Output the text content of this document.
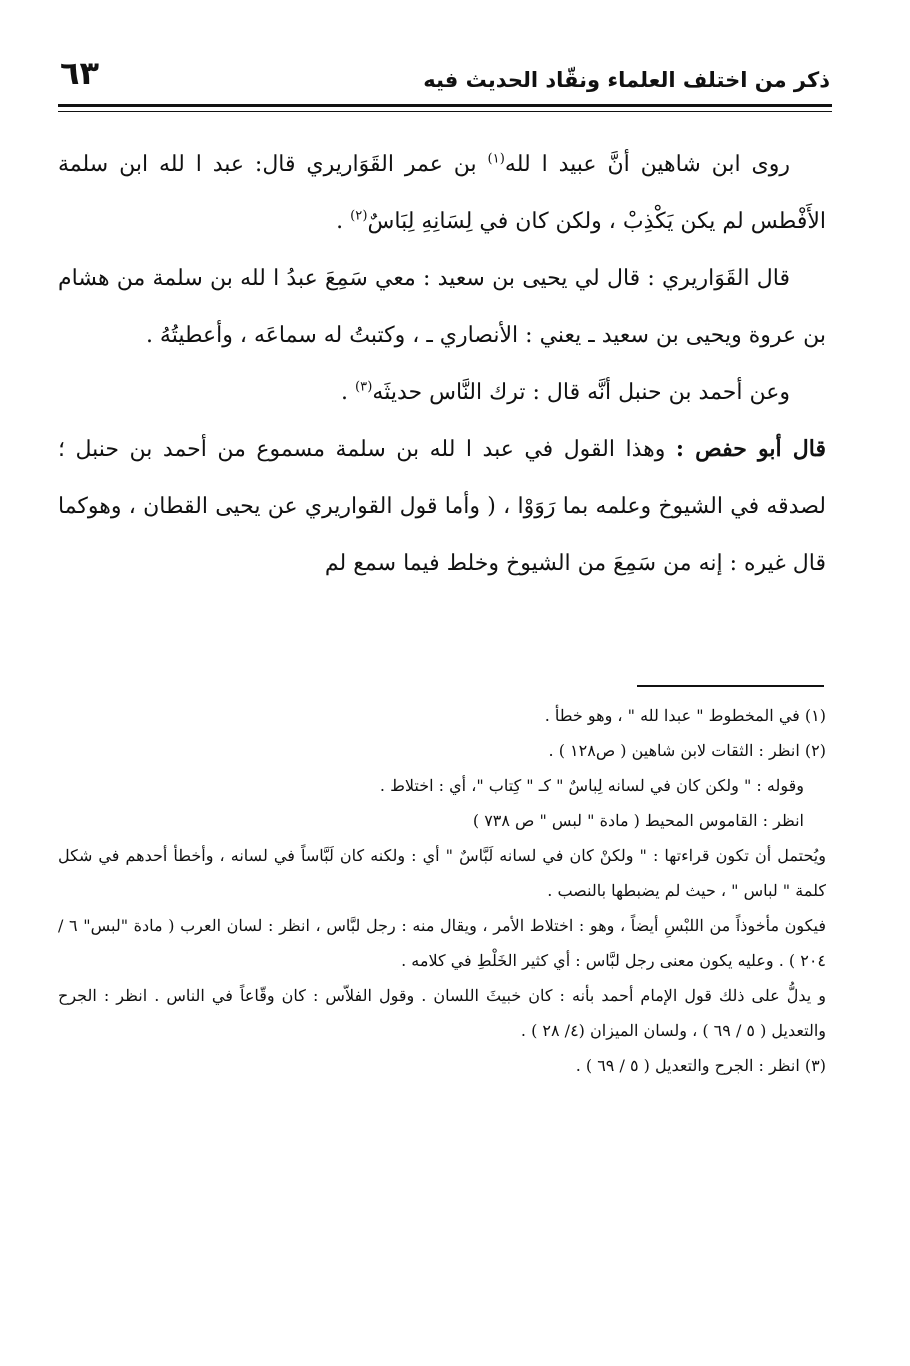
ذكر من اختلف العلماء ونقّاد الحديث فيه
٦٣

روى ابن شاهين أنَّ عبيد ا لله$^{(١)}$ بن عمر القَوَاريري قال: عبد ا لله ابن سلمة الأَفْطس لم يكن يَكْذِبْ ، ولكن كان في لِسَانِهِ لِبَاسٌ$^{(٢)}$ .

قال القَوَاريري : قال لي يحيى بن سعيد : معي سَمِعَ عبدُ ا لله بن سلمة من هشام بن عروة ويحيى بن سعيد ـ يعني : الأنصاري ـ ، وكتبتُ له سماعَه ، وأعطيتُهُ .

وعن أحمد بن حنبل أنَّه قال : ترك النَّاس حديثَه$^{(٣)}$ .

قال أبو حفص : وهذا القول في عبد ا لله بن سلمة مسموع من أحمد بن حنبل ؛ لصدقه في الشيوخ وعلمه بما رَوَوْا ، ( وأما قول القواريري عن يحيى القطان ، وهوكما قال غيره : إنه من سَمِعَ من الشيوخ وخلط فيما سمع لم

(١) في المخطوط " عبدا لله " ، وهو خطأ .

(٢) انظر : الثقات لابن شاهين ( ص١٢٨ ) .

وقوله : " ولكن كان في لسانه لِباسٌ " كـ " كِتاب "، أي : اختلاط .

انظر : القاموس المحيط ( مادة " لبس " ص ٧٣٨ )

ويُحتمل أن تكون قراءتها : " ولكنْ كان في لسانه لَبَّاسٌ " أي : ولكنه كان لَبَّاساً في لسانه ، وأخطأ أحدهم في شكل كلمة " لباس " ، حيث لم يضبطها بالنصب .

فيكون مأخوذاً من اللبْسِ أيضاً ، وهو : اختلاط الأمر ، ويقال منه : رجل لبَّاس ، انظر : لسان العرب ( مادة "لبس" ٦ / ٢٠٤ ) . وعليه يكون معنى رجل لبَّاس : أي كثير الخَلْطِ في كلامه .

و يدلُّ على ذلك قول الإمام أحمد بأنه : كان خبيثَ اللسان . وقول الفلاّس : كان وقّاعاً في الناس . انظر : الجرح والتعديل ( ٥ / ٦٩ ) ، ولسان الميزان (٤/ ٢٨ ) .

(٣) انظر : الجرح والتعديل ( ٥ / ٦٩ ) .
